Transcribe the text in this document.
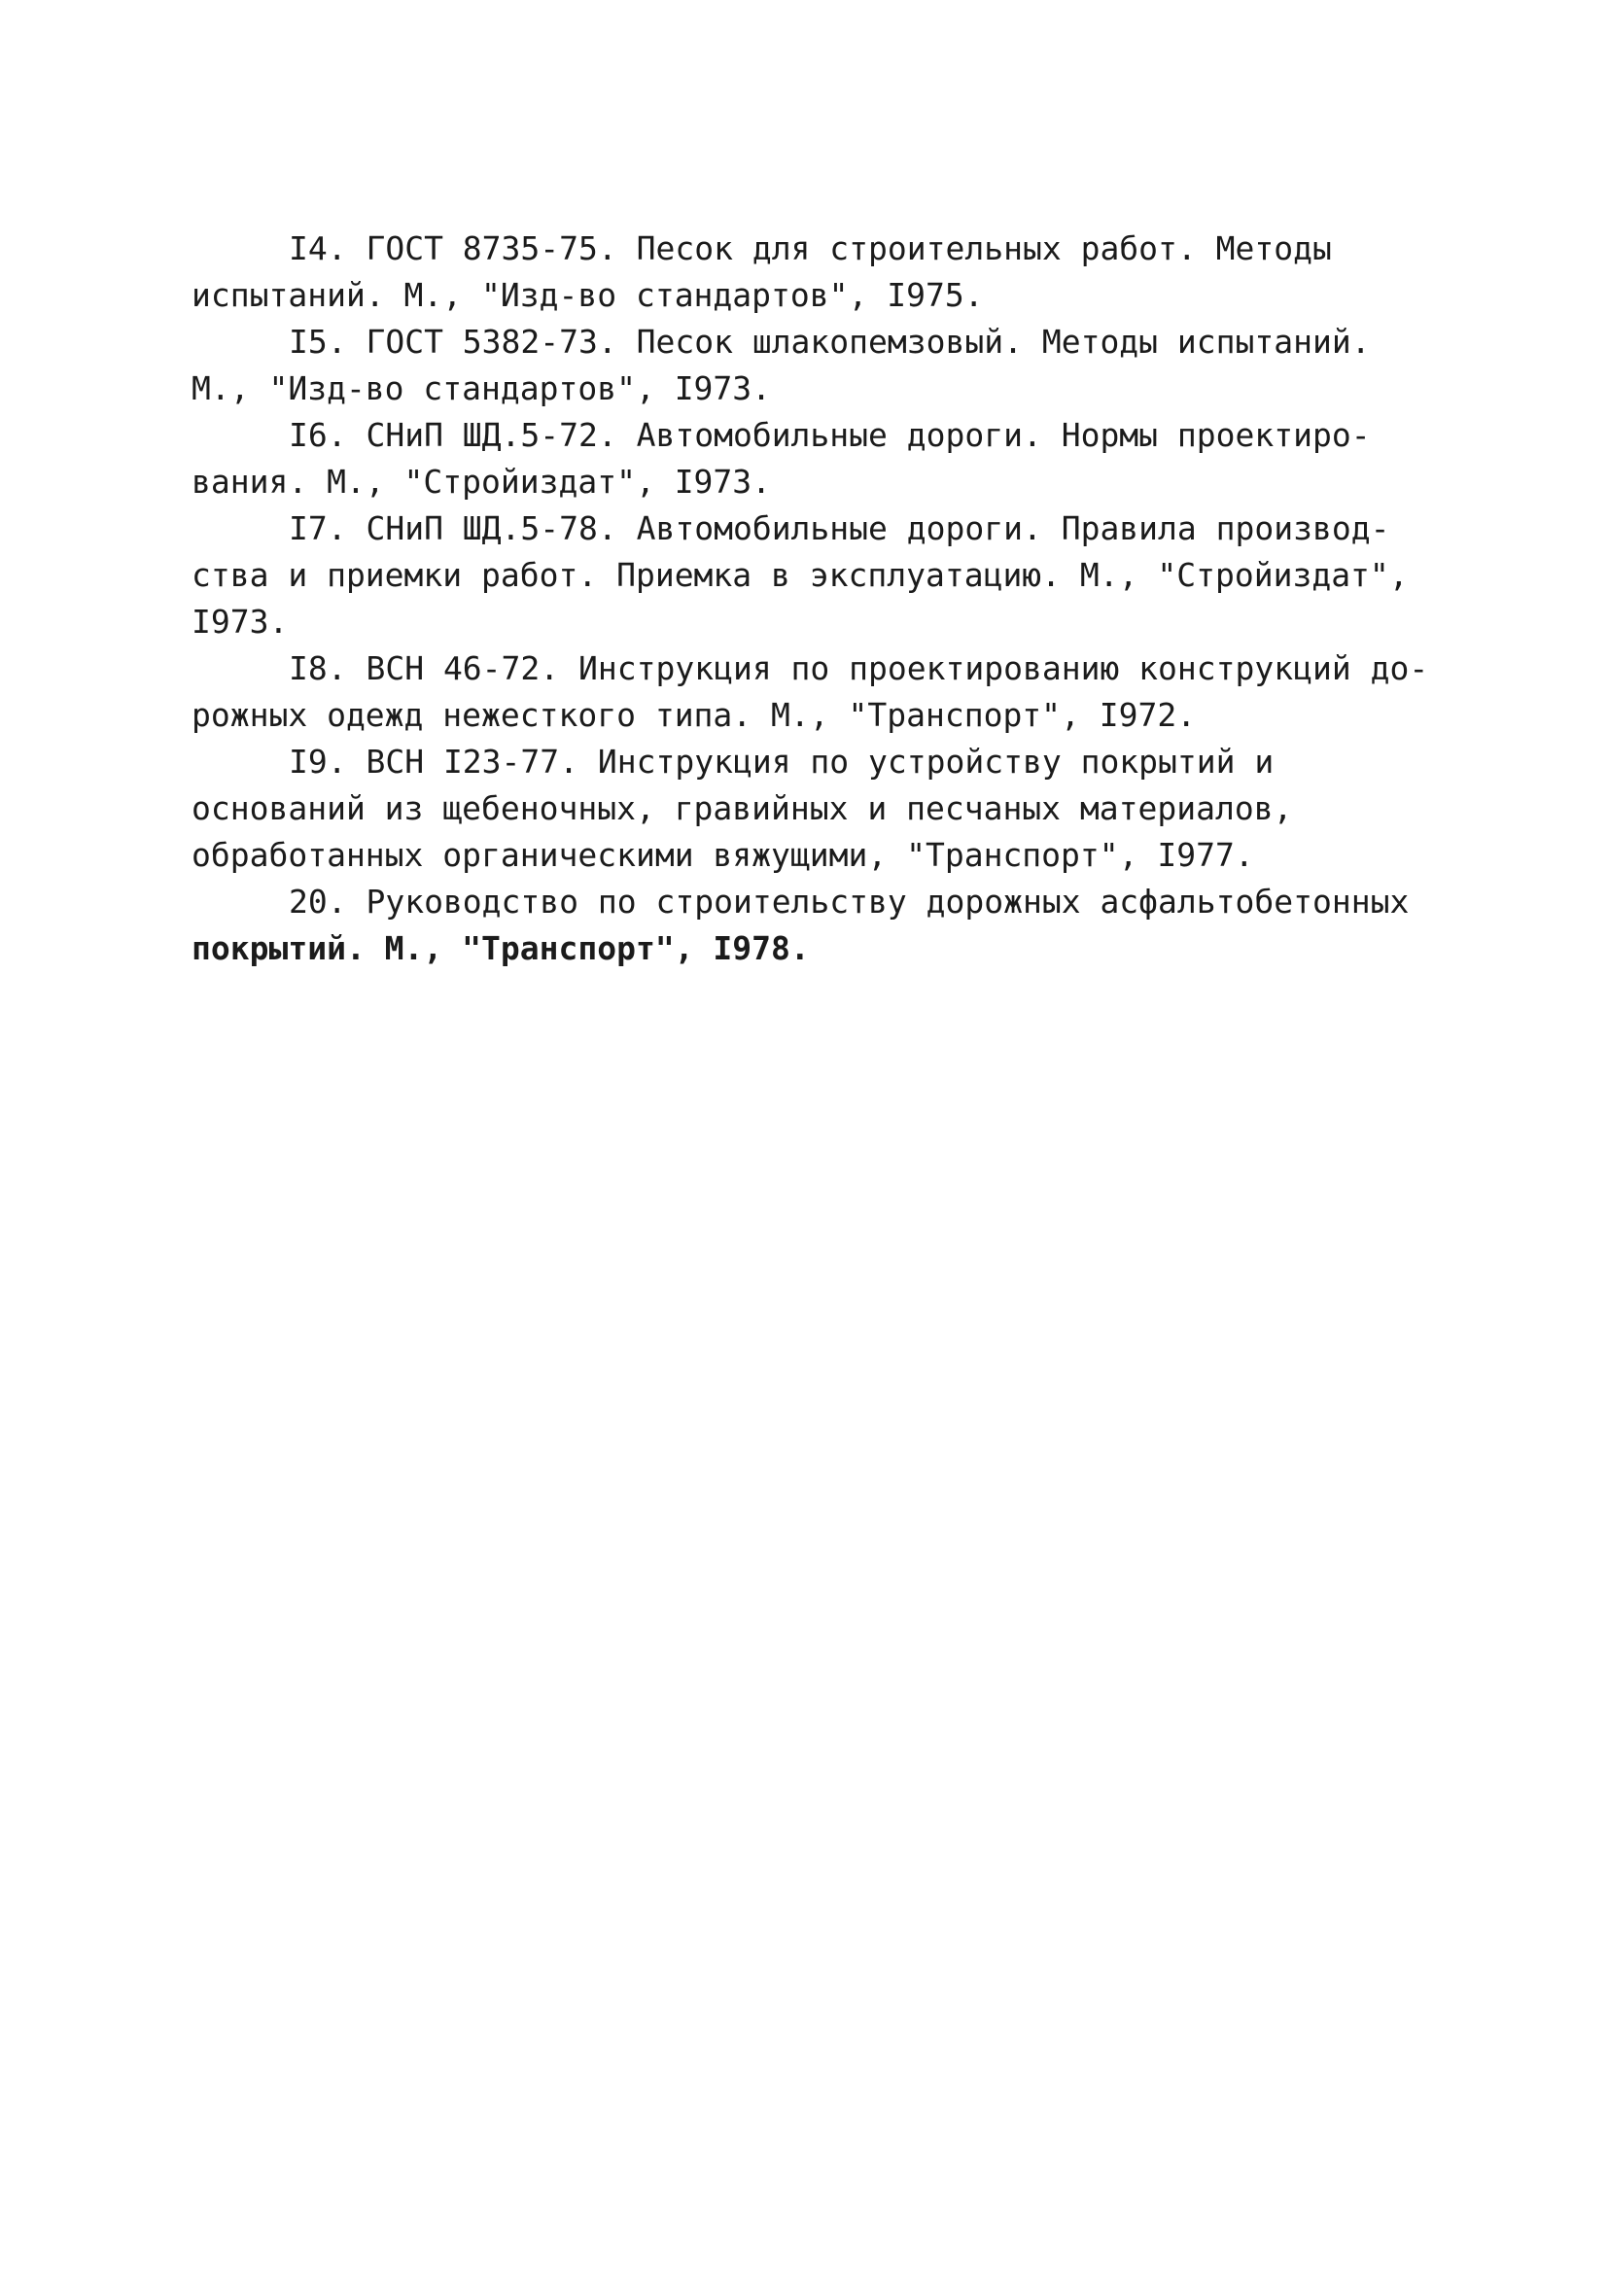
I4. ГОСТ 8735-75. Песок для строительных работ. Методы
испытаний. М., "Изд-во стандартов", I975.
I5. ГОСТ 5382-73. Песок шлакопемзовый. Методы испытаний.
М., "Изд-во стандартов", I973.
I6. СНиП ШД.5-72. Автомобильные дороги. Нормы проектиро-
вания. М., "Стройиздат", I973.
I7. СНиП ШД.5-78. Автомобильные дороги. Правила производ-
ства и приемки работ. Приемка в эксплуатацию. М., "Стройиздат",
I973.
I8. ВСН 46-72. Инструкция по проектированию конструкций до-
рожных одежд нежесткого типа. М., "Транспорт", I972.
I9. ВСН I23-77. Инструкция по устройству покрытий и
оснований из щебеночных, гравийных и песчаных материалов,
обработанных органическими вяжущими, "Транспорт", I977.
20. Руководство по строительству дорожных асфальтобетонных
покрытий. М., "Транспорт", I978.
